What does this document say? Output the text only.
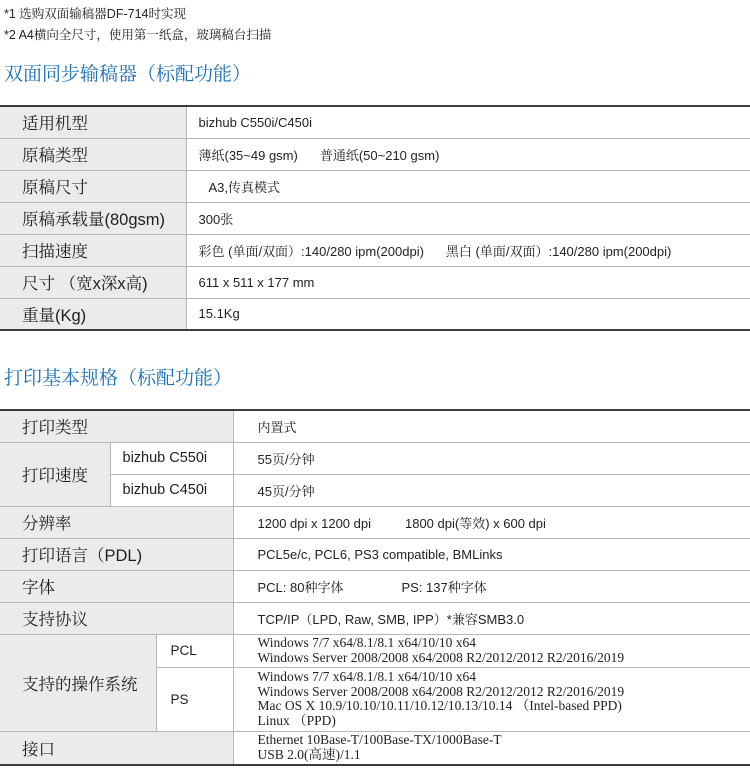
*1 选购双面输稿器DF-714时实现
*2 A4横向全尺寸，使用第一纸盒，玻璃稿台扫描
双面同步输稿器（标配功能）
适用机型	bizhub C550i/C450i
原稿类型	薄纸(35~49 gsm) 普通纸(50~210 gsm)
原稿尺寸	A3,传真模式
原稿承载量(80gsm)	300张
扫描速度	彩色 (单面/双面）:140/280 ipm(200dpi) 黑白 (单面/双面）:140/280 ipm(200dpi)
尺寸 （宽x深x高)	611 x 511 x 177 mm
重量(Kg)	15.1Kg
打印基本规格（标配功能）
打印类型			内置式
打印速度	bizhub C550i		55页/分钟
	bizhub C450i		45页/分钟
分辨率			1200 dpi x 1200 dpi 1800 dpi(等效) x 600 dpi
打印语言（PDL)			PCL5e/c, PCL6, PS3 compatible, BMLinks
字体			PCL: 80种字体 PS: 137种字体
支持协议			TCP/IP（LPD, Raw, SMB, IPP）*兼容SMB3.0
支持的操作系统		PCL	Windows 7/7 x64/8.1/8.1 x64/10/10 x64
Windows Server 2008/2008 x64/2008 R2/2012/2012 R2/2016/2019

		PS	Windows 7/7 x64/8.1/8.1 x64/10/10 x64
Windows Server 2008/2008 x64/2008 R2/2012/2012 R2/2016/2019
Mac OS X 10.9/10.10/10.11/10.12/10.13/10.14 （Intel-based PPD)
Linux （PPD)

接口			Ethernet 10Base-T/100Base-TX/1000Base-T
USB 2.0(高速)/1.1
